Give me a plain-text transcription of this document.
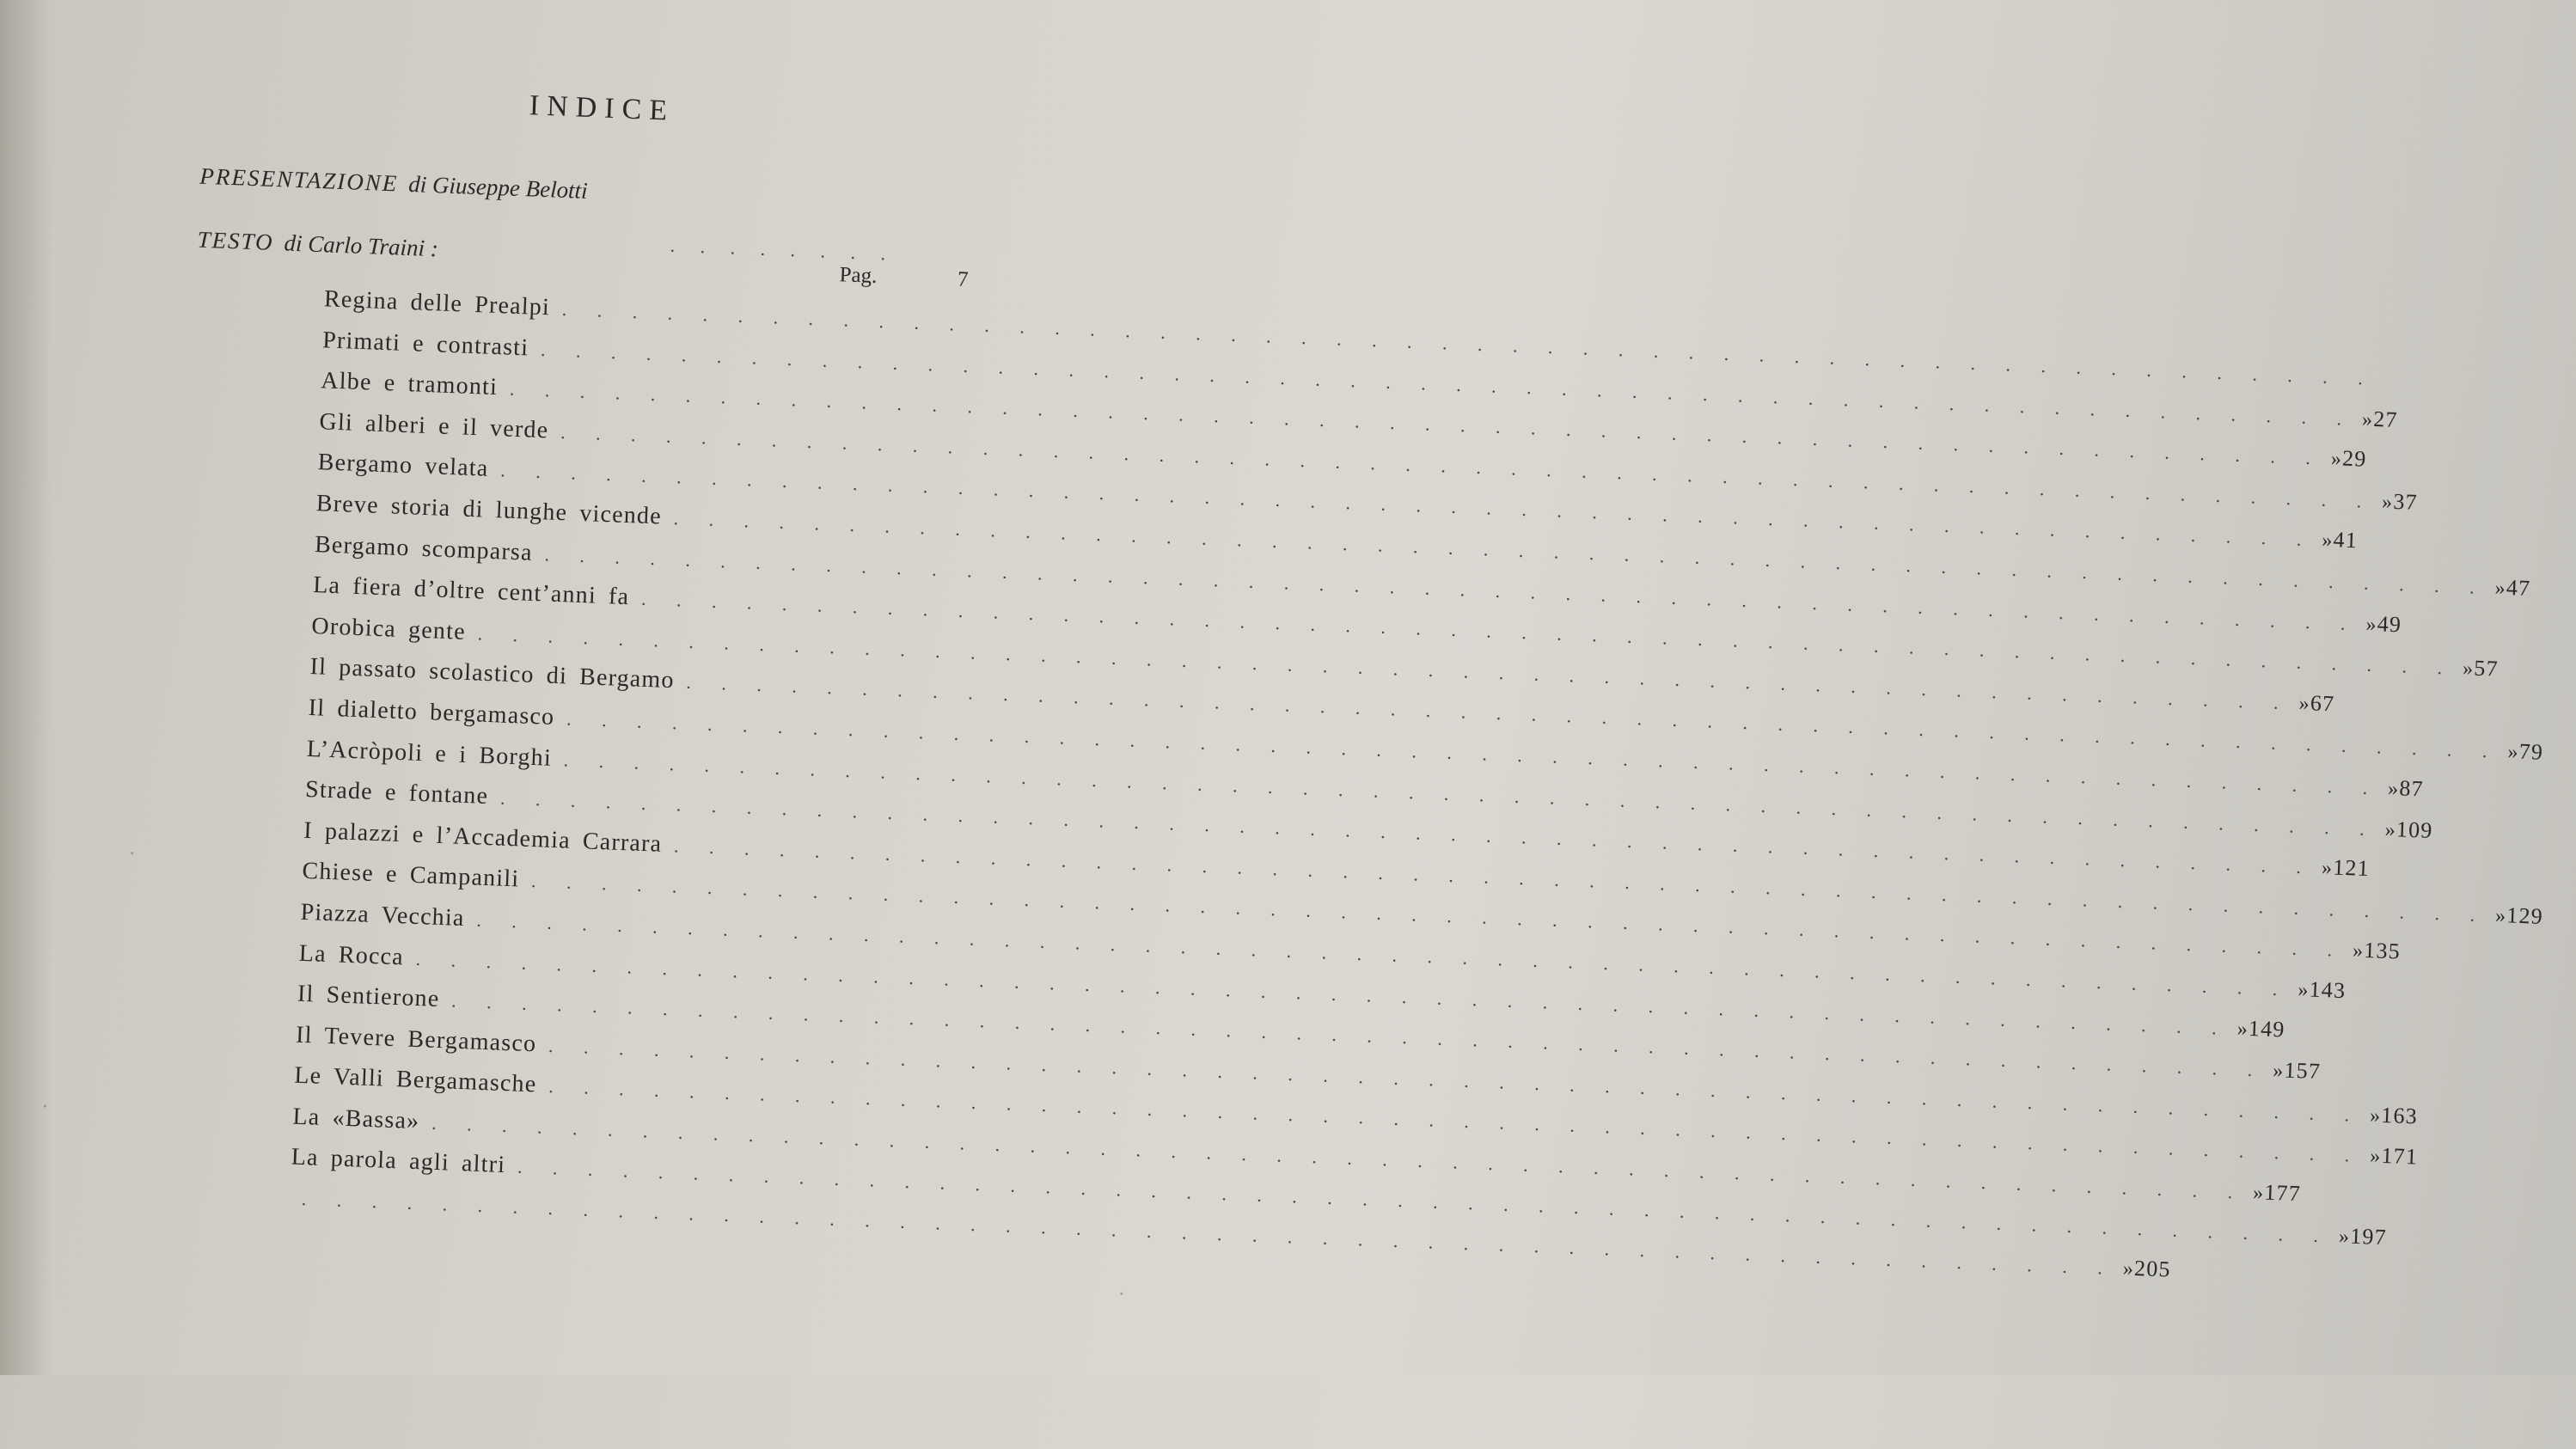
INDICE
PRESENTAZIONE di Giuseppe Belotti
. . . . . . . .
TESTO di Carlo Traini :
Pag.	7
Regina delle Prealpi
. . .
Primati e contrasti
. . .
» 27
Albe e tramonti
. . .
» 29
Gli alberi e il verde
. . .
» 37
Bergamo velata
. . .
» 41
Breve storia di lunghe vicende
. . .
» 47
Bergamo scomparsa
. . .
» 49
La fiera d’oltre cent’anni fa
. . .
» 57
Orobica gente
. . .
» 67
Il passato scolastico di Bergamo
. . .
» 79
Il dialetto bergamasco
. . .
» 87
L’Acròpoli e i Borghi
. . .
» 109
Strade e fontane
. . .
» 121
I palazzi e l’Accademia Carrara
. . .
» 129
Chiese e Campanili
. . .
» 135
Piazza Vecchia
. . .
» 143
La Rocca
. . .
» 149
Il Sentierone
. . .
» 157
Il Tevere Bergamasco
. . .
» 163
Le Valli Bergamasche
. . .
» 171
La «Bassa»
. . .
» 177
La parola agli altri
. . .
» 197
. . .
» 205
